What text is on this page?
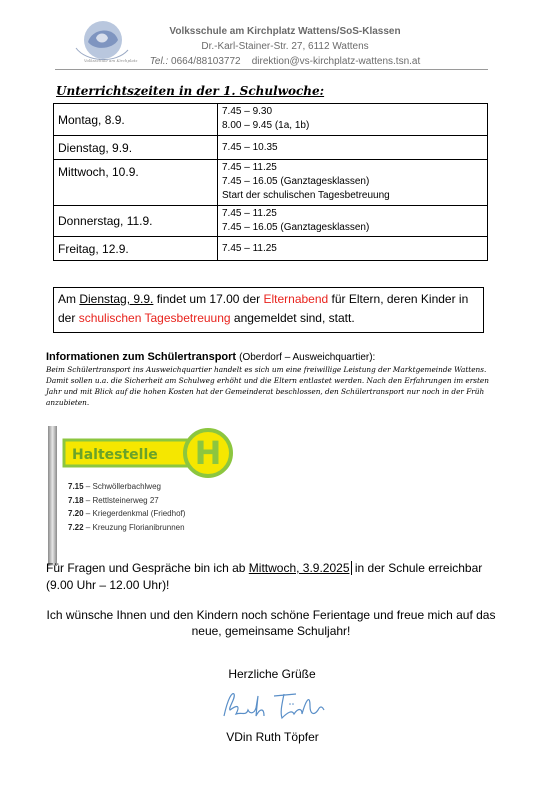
Volksschule am Kirchplatz
Volksschule am Kirchplatz Wattens/SoS-Klassen
Dr.-Karl-Stainer-Str. 27, 6112 Wattens
Tel.: 0664/88103772 direktion@vs-kirchplatz-wattens.tsn.at
Unterrichtszeiten in der 1. Schulwoche:
Montag, 8.9.	7.45 – 9.30
8.00 – 9.45 (1a, 1b)

Dienstag, 9.9.	7.45 – 10.35

Mittwoch, 10.9.	7.45 – 11.25
7.45 – 16.05 (Ganztagesklassen)
Start der schulischen Tagesbetreuung

Donnerstag, 11.9.	7.45 – 11.25
7.45 – 16.05 (Ganztagesklassen)

Freitag, 12.9.	7.45 – 11.25
Am Dienstag, 9.9. findet um 17.00 der Elternabend für Eltern, deren Kinder in der schulischen Tagesbetreuung angemeldet sind, statt.
Informationen zum Schülertransport (Oberdorf – Ausweichquartier):
Beim Schülertransport ins Ausweichquartier handelt es sich um eine freiwillige Leistung der Marktgemeinde Wattens. Damit sollen u.a. die Sicherheit am Schulweg erhöht und die Eltern entlastet werden. Nach den Erfahrungen im ersten Jahr und mit Blick auf die hohen Kosten hat der Gemeinderat beschlossen, den Schülertransport nur noch in der Früh anzubieten.
H
Haltestelle
7.15 – Schwöllerbachlweg
7.18 – Rettlsteinerweg 27
7.20 – Kriegerdenkmal (Friedhof)
7.22 – Kreuzung Florianibrunnen
Für Fragen und Gespräche bin ich ab Mittwoch, 3.9.2025 in der Schule erreichbar (9.00 Uhr – 12.00 Uhr)!
Ich wünsche Ihnen und den Kindern noch schöne Ferientage und freue mich auf das neue, gemeinsame Schuljahr!
Herzliche Grüße
VDin Ruth Töpfer
